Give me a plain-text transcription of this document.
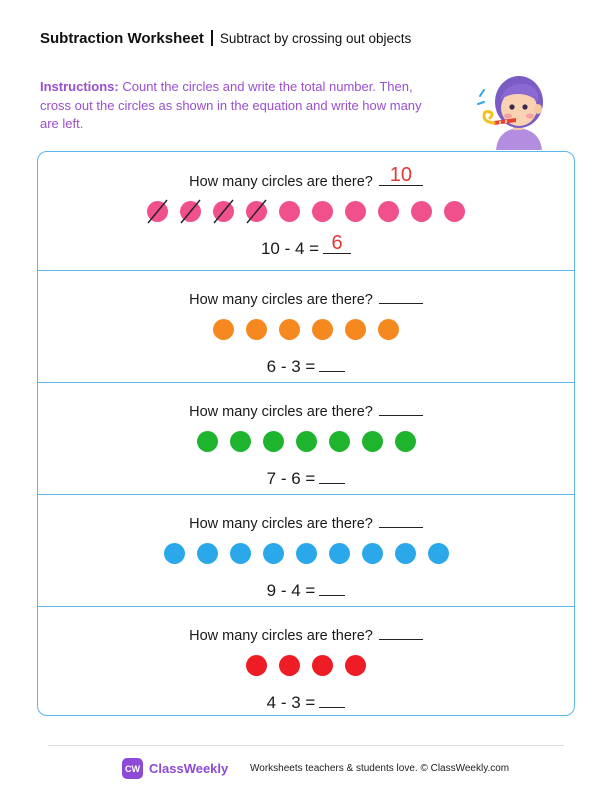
Subtraction Worksheet Subtract by crossing out objects
Instructions: Count the circles and write the total number. Then, cross out the circles as shown in the equation and write how many are left.
How many circles are there? 10
10 - 4 = 6
How many circles are there?
6 - 3 =
How many circles are there?
7 - 6 =
How many circles are there?
9 - 4 =
How many circles are there?
4 - 3 =
CW ClassWeekly Worksheets teachers & students love. © ClassWeekly.com
